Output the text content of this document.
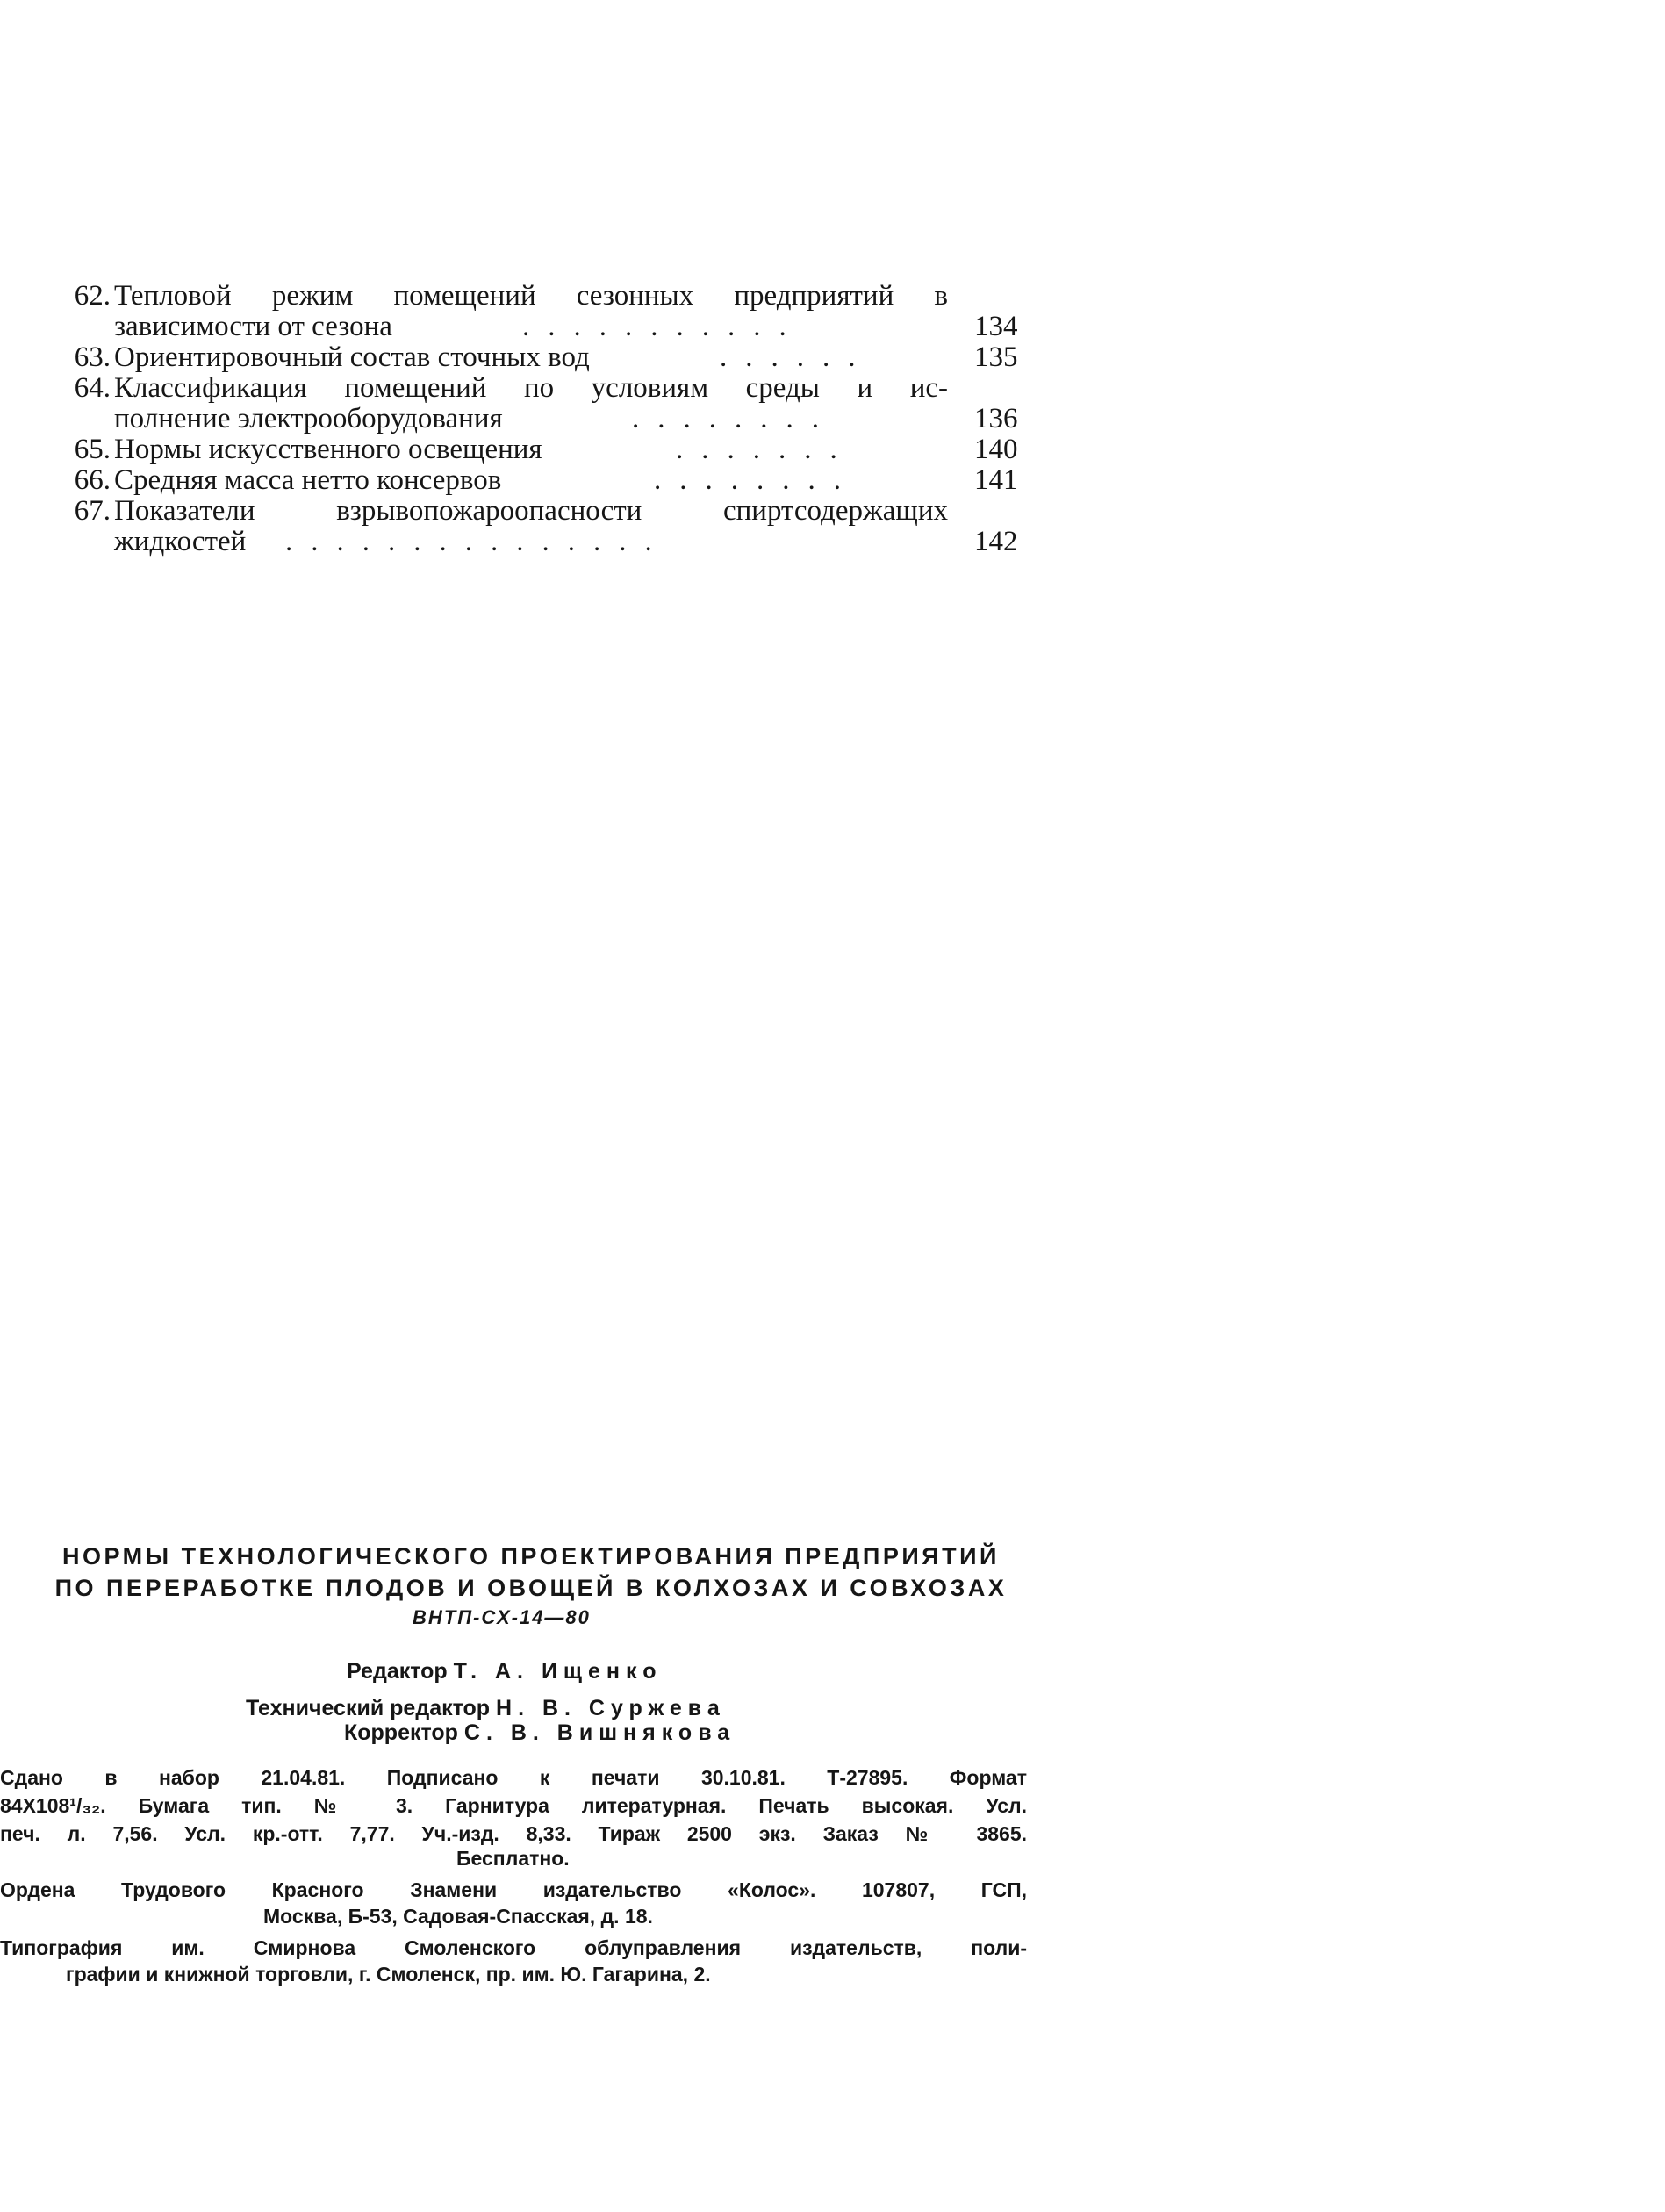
62. Тепловой режим помещений сезонных предприятий в
зависимости от сезона	...........	134
63. Ориентировочный состав сточных вод	......	135
64. Классификация помещений по условиям среды и ис-
полнение электрооборудования	........	136
65. Нормы искусственного освещения	.......	140
66. Средняя масса нетто консервов	........	141
67. Показатели взрывопожароопасности спиртсодержащих
жидкостей ...............	142
НОРМЫ ТЕХНОЛОГИЧЕСКОГО ПРОЕКТИРОВАНИЯ ПРЕДПРИЯТИЙ
ПО ПЕРЕРАБОТКЕ ПЛОДОВ И ОВОЩЕЙ В КОЛХОЗАХ И СОВХОЗАХ
ВНТП-СХ-14—80
Редактор Т. А. Ищенко
Технический редактор Н. В. Суржева
Корректор С. В. Вишнякова
Сдано в набор 21.04.81. Подписано к печати 30.10.81. Т-27895. Формат
84X108¹/₃₂. Бумага тип. № 3. Гарнитура литературная. Печать высокая. Усл.
печ. л. 7,56. Усл. кр.-отт. 7,77. Уч.-изд. 8,33. Тираж 2500 экз. Заказ № 3865.
Бесплатно.
Ордена Трудового Красного Знамени издательство «Колос». 107807, ГСП,
Москва, Б-53, Садовая-Спасская, д. 18.
Типография им. Смирнова Смоленского облуправления издательств, поли-
графии и книжной торговли, г. Смоленск, пр. им. Ю. Гагарина, 2.
